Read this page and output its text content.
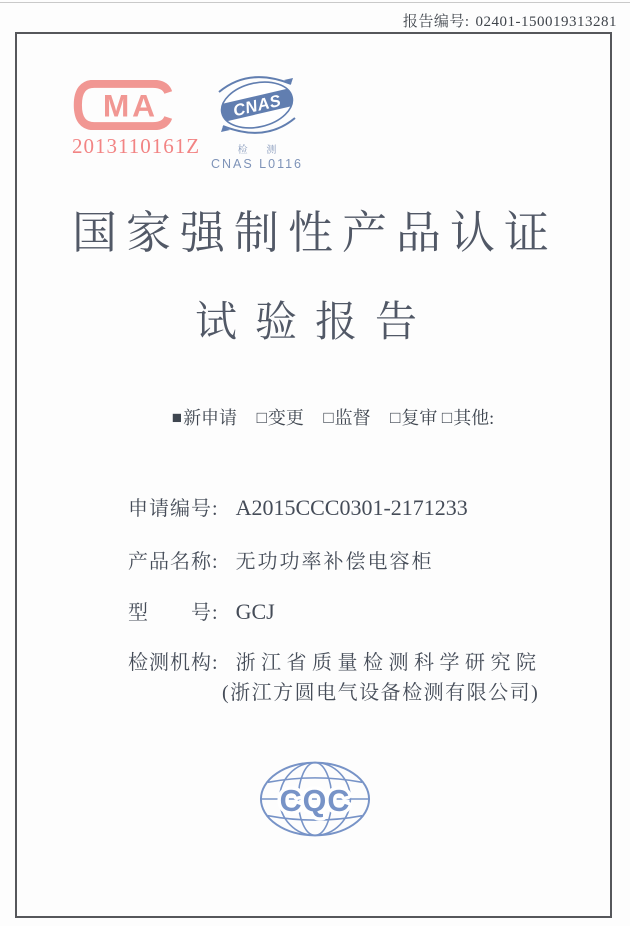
报告编号: 02401-150019313281
MA
2013110161Z
CNAS
检 测
CNAS L0116
国家强制性产品认证
试验报告
■新申请 □变更 □监督 □复审 □其他:
申请编号: A2015CCC0301-2171233
产品名称: 无功功率补偿电容柜
型　　号: GCJ
检测机构: 浙江省质量检测科学研究院
(浙江方圆电气设备检测有限公司)
CQC
